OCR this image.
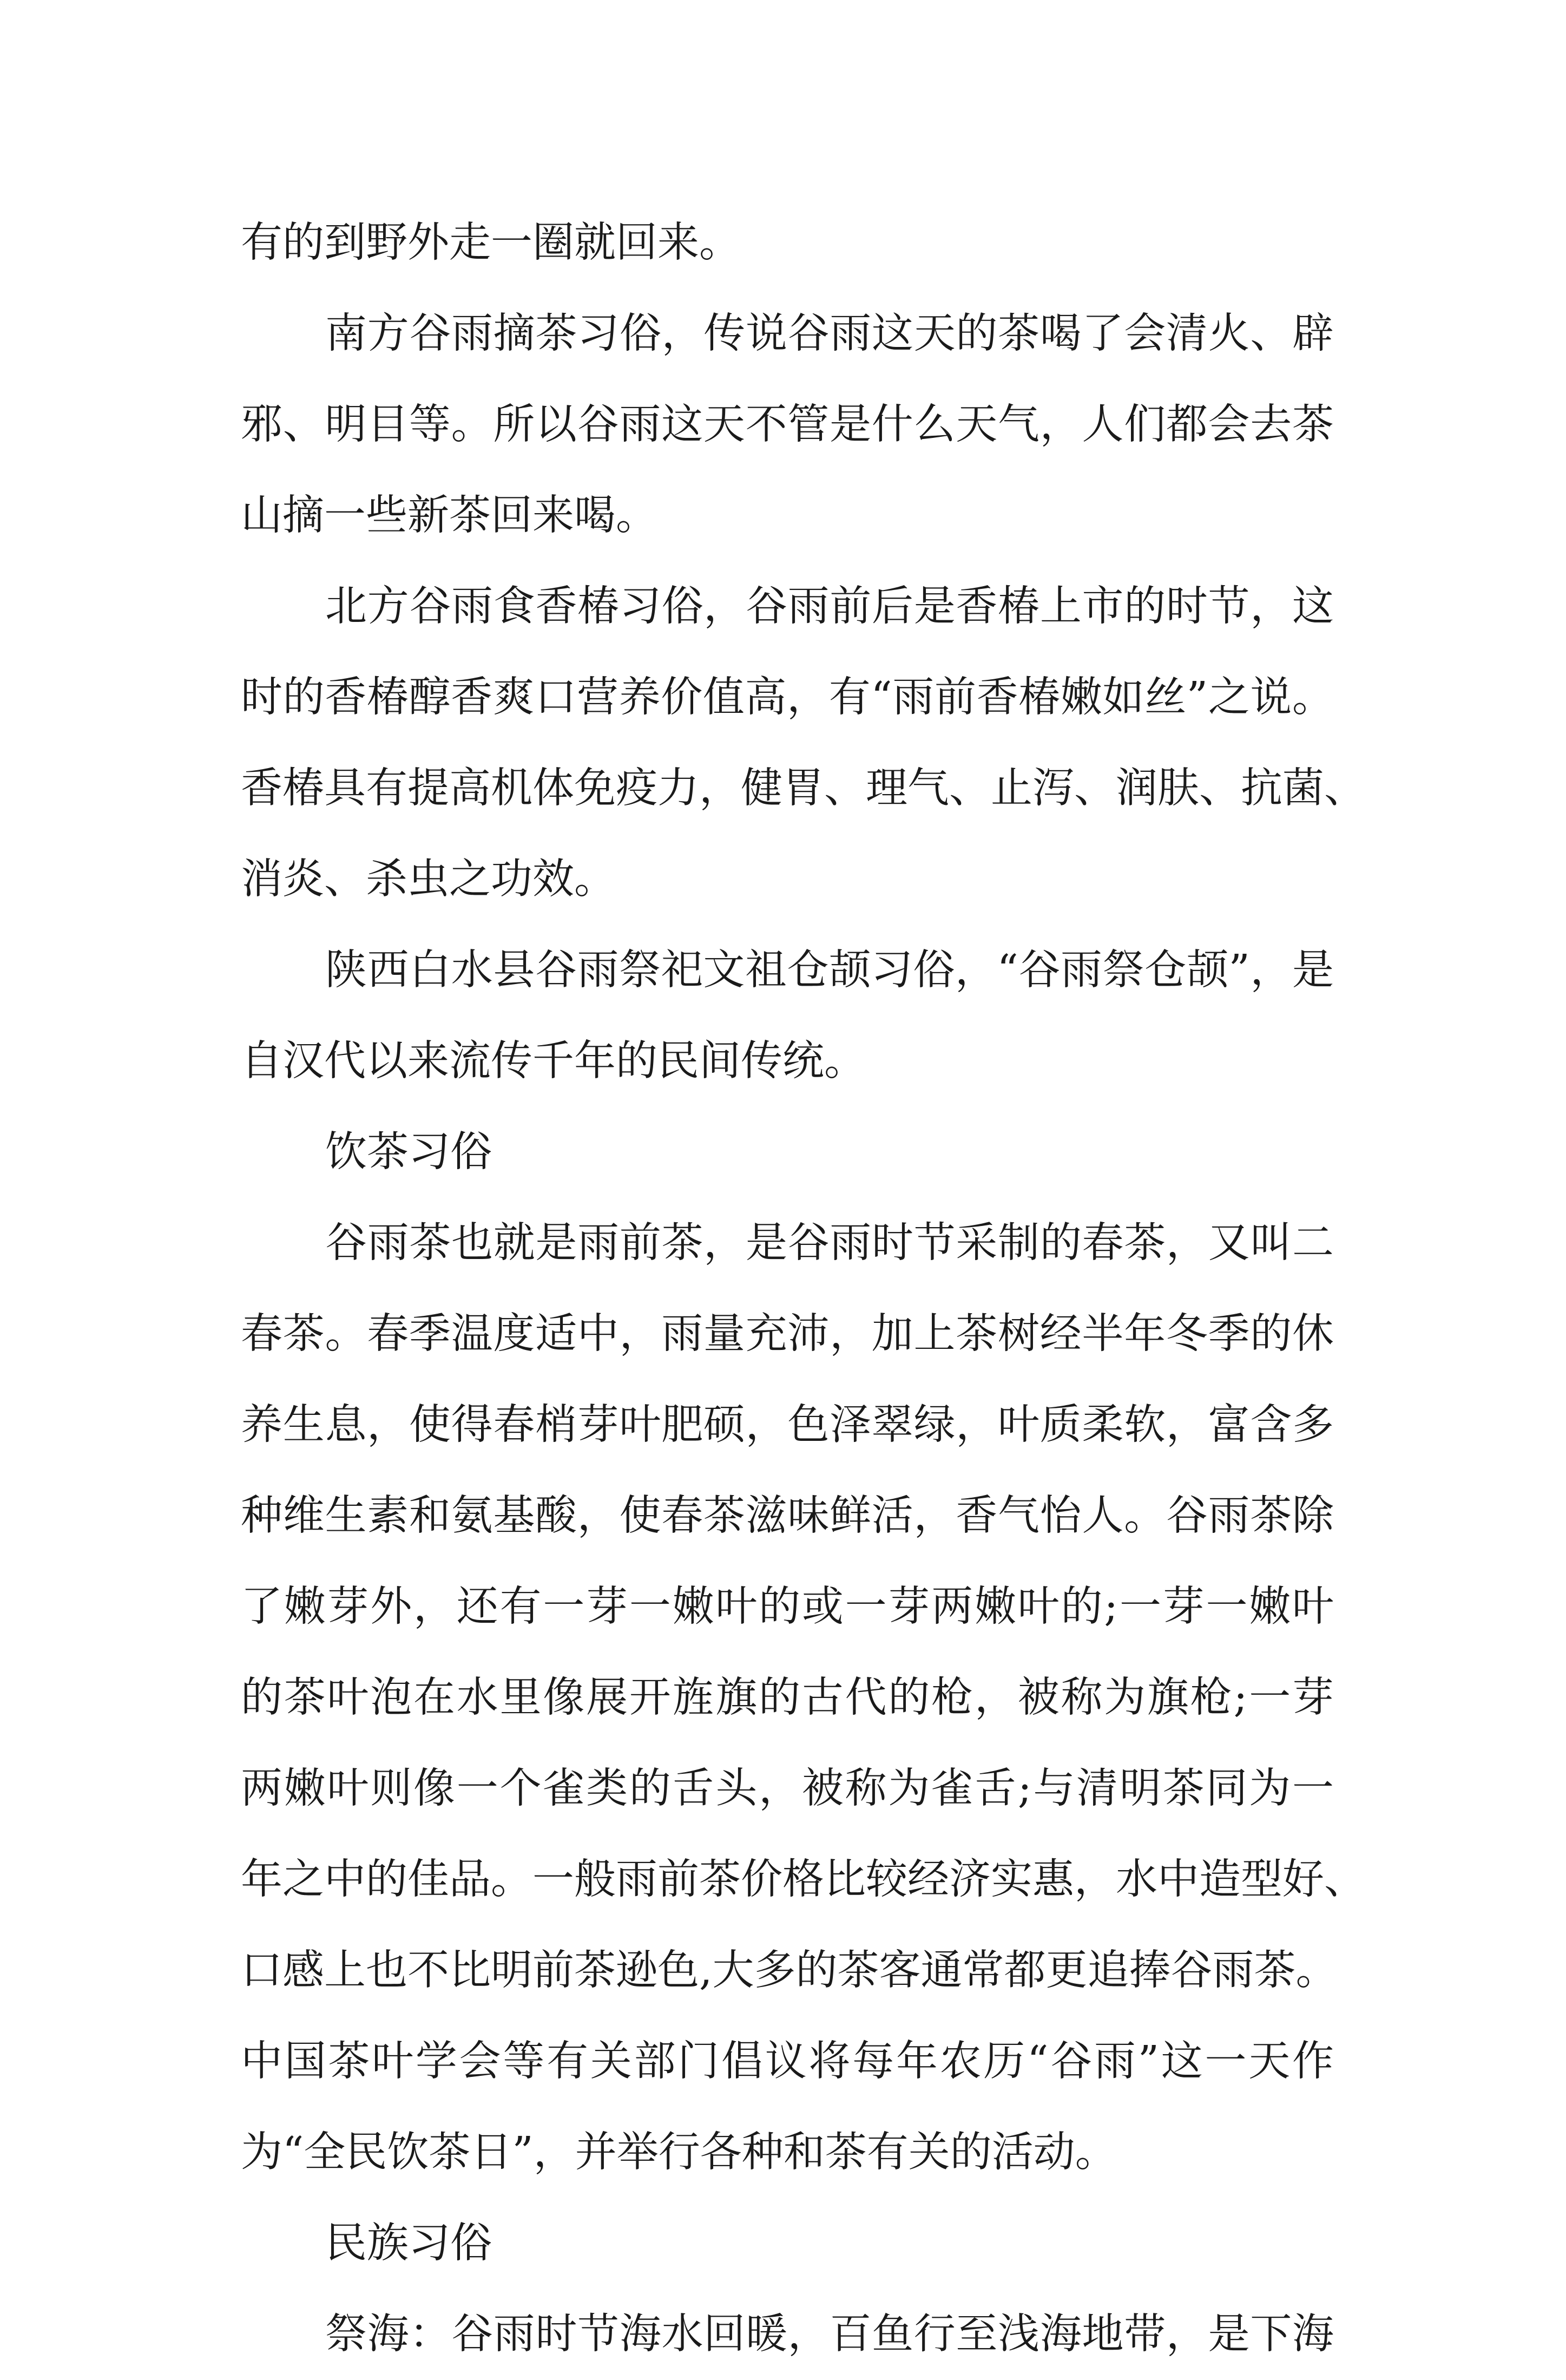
有的到野外走一圈就回来。
南方谷雨摘茶习俗，传说谷雨这天的茶喝了会清火、辟
邪、明目等。所以谷雨这天不管是什么天气，人们都会去茶
山摘一些新茶回来喝。
北方谷雨食香椿习俗，谷雨前后是香椿上市的时节，这
时的香椿醇香爽口营养价值高，有“雨前香椿嫩如丝”之说。
香椿具有提高机体免疫力，健胃、理气、止泻、润肤、抗菌、
消炎、杀虫之功效。
陕西白水县谷雨祭祀文祖仓颉习俗，“谷雨祭仓颉”，是
自汉代以来流传千年的民间传统。
饮茶习俗
谷雨茶也就是雨前茶，是谷雨时节采制的春茶，又叫二
春茶。春季温度适中，雨量充沛，加上茶树经半年冬季的休
养生息，使得春梢芽叶肥硕，色泽翠绿，叶质柔软，富含多
种维生素和氨基酸，使春茶滋味鲜活，香气怡人。谷雨茶除
了嫩芽外，还有一芽一嫩叶的或一芽两嫩叶的;一芽一嫩叶
的茶叶泡在水里像展开旌旗的古代的枪，被称为旗枪;一芽
两嫩叶则像一个雀类的舌头，被称为雀舌;与清明茶同为一
年之中的佳品。一般雨前茶价格比较经济实惠，水中造型好、
口感上也不比明前茶逊色,大多的茶客通常都更追捧谷雨茶。
中国茶叶学会等有关部门倡议将每年农历“谷雨”这一天作
为“全民饮茶日”，并举行各种和茶有关的活动。
民族习俗
祭海：谷雨时节海水回暖，百鱼行至浅海地带，是下海
